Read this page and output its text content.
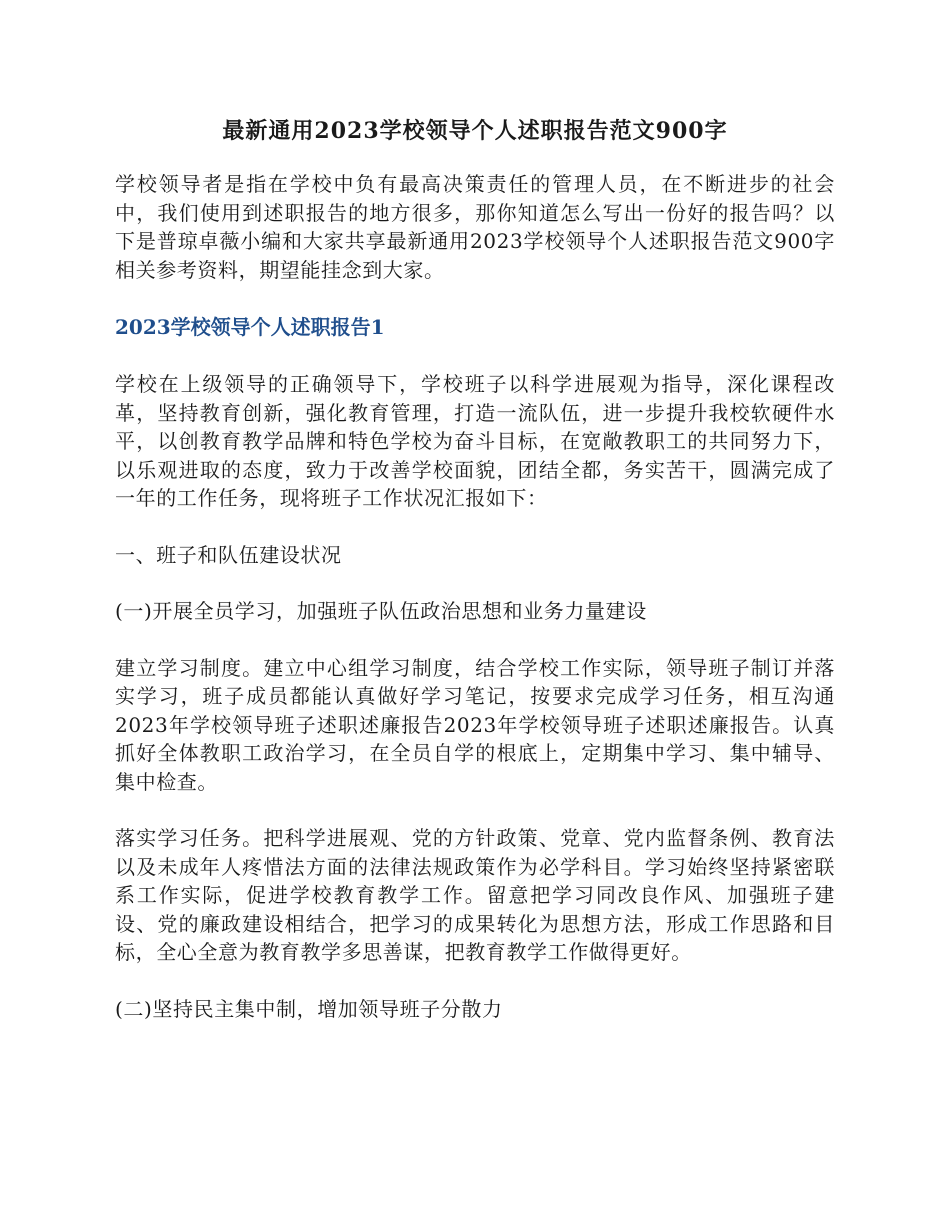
最新通用2023学校领导个人述职报告范文900字
学校领导者是指在学校中负有最高决策责任的管理人员，在不断进步的社会中，我们使用到述职报告的地方很多，那你知道怎么写出一份好的报告吗？以下是普琼卓薇小编和大家共享最新通用2023学校领导个人述职报告范文900字相关参考资料，期望能挂念到大家。
2023学校领导个人述职报告1
学校在上级领导的正确领导下，学校班子以科学进展观为指导，深化课程改革，坚持教育创新，强化教育管理，打造一流队伍，进一步提升我校软硬件水平，以创教育教学品牌和特色学校为奋斗目标，在宽敞教职工的共同努力下，以乐观进取的态度，致力于改善学校面貌，团结全都，务实苦干，圆满完成了一年的工作任务，现将班子工作状况汇报如下：
一、班子和队伍建设状况
(一)开展全员学习，加强班子队伍政治思想和业务力量建设
建立学习制度。建立中心组学习制度，结合学校工作实际，领导班子制订并落实学习，班子成员都能认真做好学习笔记，按要求完成学习任务，相互沟通2023年学校领导班子述职述廉报告2023年学校领导班子述职述廉报告。认真抓好全体教职工政治学习，在全员自学的根底上，定期集中学习、集中辅导、集中检查。
落实学习任务。把科学进展观、党的方针政策、党章、党内监督条例、教育法以及未成年人疼惜法方面的法律法规政策作为必学科目。学习始终坚持紧密联系工作实际，促进学校教育教学工作。留意把学习同改良作风、加强班子建设、党的廉政建设相结合，把学习的成果转化为思想方法，形成工作思路和目标，全心全意为教育教学多思善谋，把教育教学工作做得更好。
(二)坚持民主集中制，增加领导班子分散力
